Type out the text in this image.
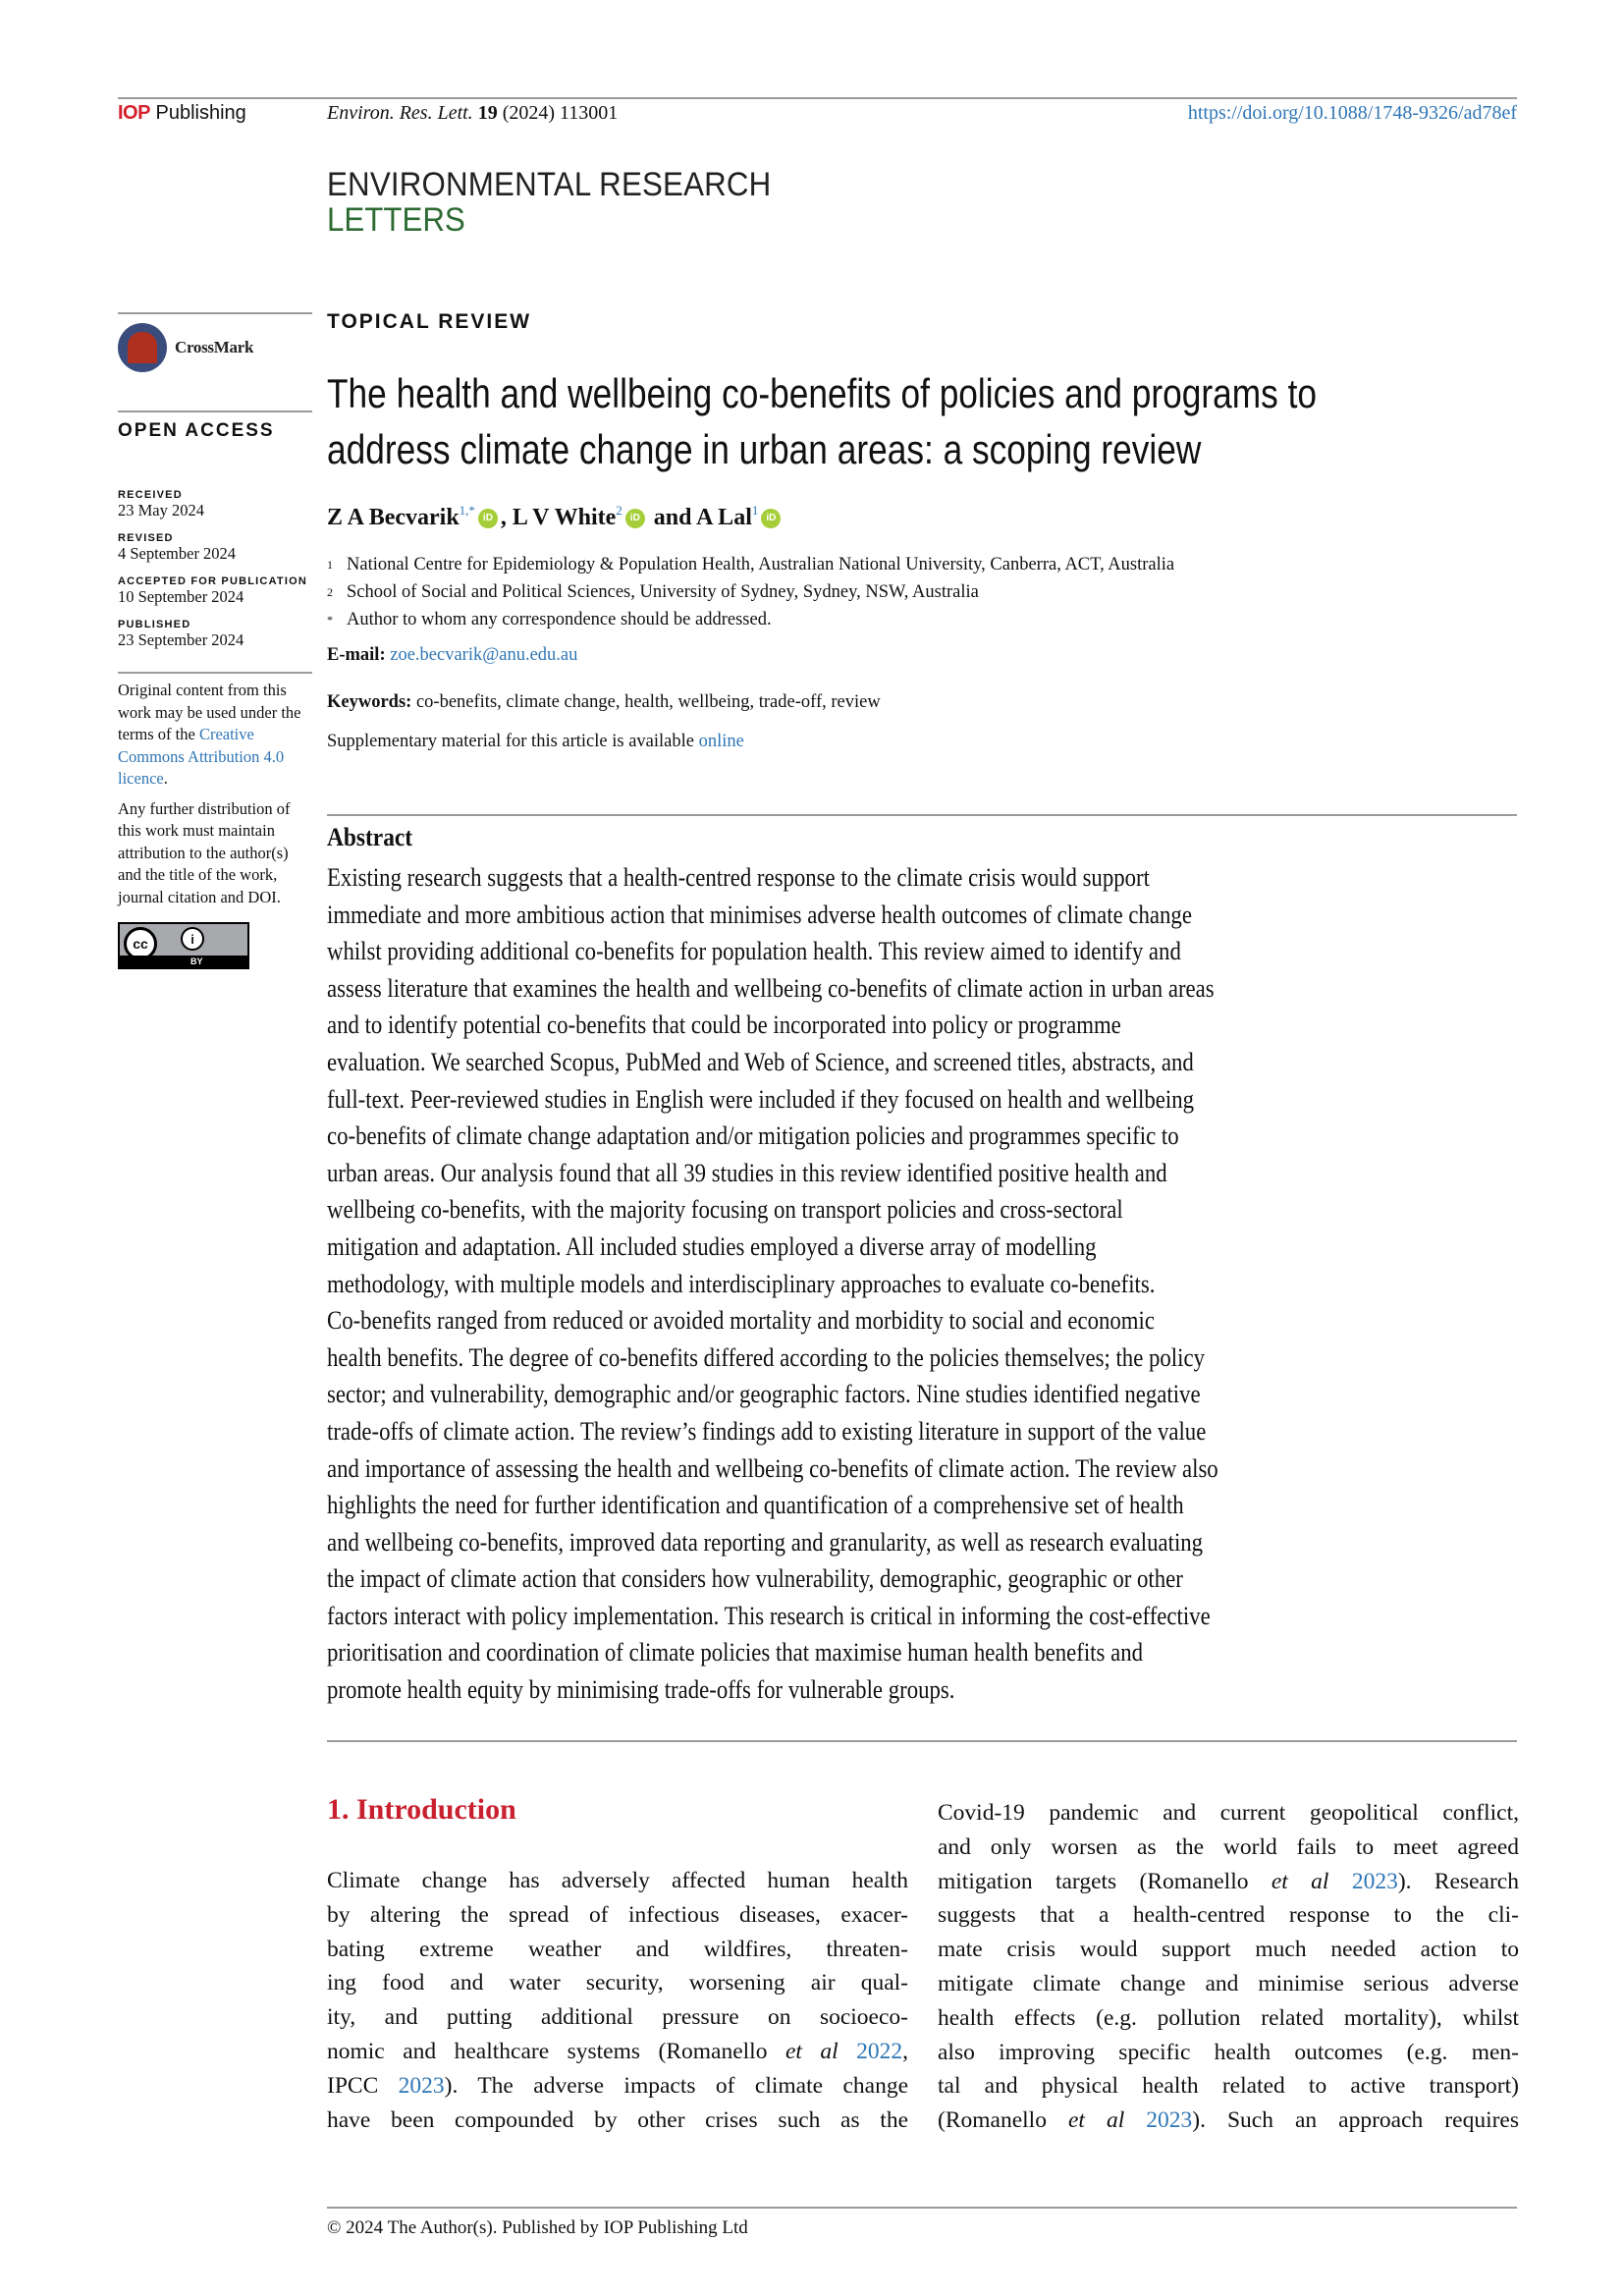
IOP Publishing	Environ. Res. Lett. 19 (2024) 113001	https://doi.org/10.1088/1748-9326/ad78ef
ENVIRONMENTAL RESEARCH
LETTERS
CrossMark
OPEN ACCESS
RECEIVED
23 May 2024
REVISED
4 September 2024
ACCEPTED FOR PUBLICATION
10 September 2024
PUBLISHED
23 September 2024

Original content from this work may be used under the terms of the Creative Commons Attribution 4.0 licence.

Any further distribution of this work must maintain attribution to the author(s) and the title of the work, journal citation and DOI.

cc	i
BY
TOPICAL REVIEW
The health and wellbeing co-benefits of policies and programs to
address climate change in urban areas: a scoping review
Z A Becvarik$^{1,*}$iD , L V White$^2$iD and A Lal$^1$iD
$^1$ National Centre for Epidemiology & Population Health, Australian National University, Canberra, ACT, Australia
$^2$ School of Social and Political Sciences, University of Sydney, Sydney, NSW, Australia
* Author to whom any correspondence should be addressed.
E-mail: zoe.becvarik@anu.edu.au
Keywords: co-benefits, climate change, health, wellbeing, trade-off, review
Supplementary material for this article is available online
Abstract
Existing research suggests that a health-centred response to the climate crisis would support
immediate and more ambitious action that minimises adverse health outcomes of climate change
whilst providing additional co-benefits for population health. This review aimed to identify and
assess literature that examines the health and wellbeing co-benefits of climate action in urban areas
and to identify potential co-benefits that could be incorporated into policy or programme
evaluation. We searched Scopus, PubMed and Web of Science, and screened titles, abstracts, and
full-text. Peer-reviewed studies in English were included if they focused on health and wellbeing
co-benefits of climate change adaptation and/or mitigation policies and programmes specific to
urban areas. Our analysis found that all 39 studies in this review identified positive health and
wellbeing co-benefits, with the majority focusing on transport policies and cross-sectoral
mitigation and adaptation. All included studies employed a diverse array of modelling
methodology, with multiple models and interdisciplinary approaches to evaluate co-benefits.
Co-benefits ranged from reduced or avoided mortality and morbidity to social and economic
health benefits. The degree of co-benefits differed according to the policies themselves; the policy
sector; and vulnerability, demographic and/or geographic factors. Nine studies identified negative
trade-offs of climate action. The review’s findings add to existing literature in support of the value
and importance of assessing the health and wellbeing co-benefits of climate action. The review also
highlights the need for further identification and quantification of a comprehensive set of health
and wellbeing co-benefits, improved data reporting and granularity, as well as research evaluating
the impact of climate action that considers how vulnerability, demographic, geographic or other
factors interact with policy implementation. This research is critical in informing the cost-effective
prioritisation and coordination of climate policies that maximise human health benefits and
promote health equity by minimising trade-offs for vulnerable groups.
1. Introduction
Climate change has adversely affected human health
by altering the spread of infectious diseases, exacer-
bating extreme weather and wildfires, threaten-
ing food and water security, worsening air qual-
ity, and putting additional pressure on socioeco-
nomic and healthcare systems (Romanello et al 2022,
IPCC 2023). The adverse impacts of climate change
have been compounded by other crises such as the
Covid-19 pandemic and current geopolitical conflict,
and only worsen as the world fails to meet agreed
mitigation targets (Romanello et al 2023). Research
suggests that a health-centred response to the cli-
mate crisis would support much needed action to
mitigate climate change and minimise serious adverse
health effects (e.g. pollution related mortality), whilst
also improving specific health outcomes (e.g. men-
tal and physical health related to active transport)
(Romanello et al 2023). Such an approach requires
© 2024 The Author(s). Published by IOP Publishing Ltd
